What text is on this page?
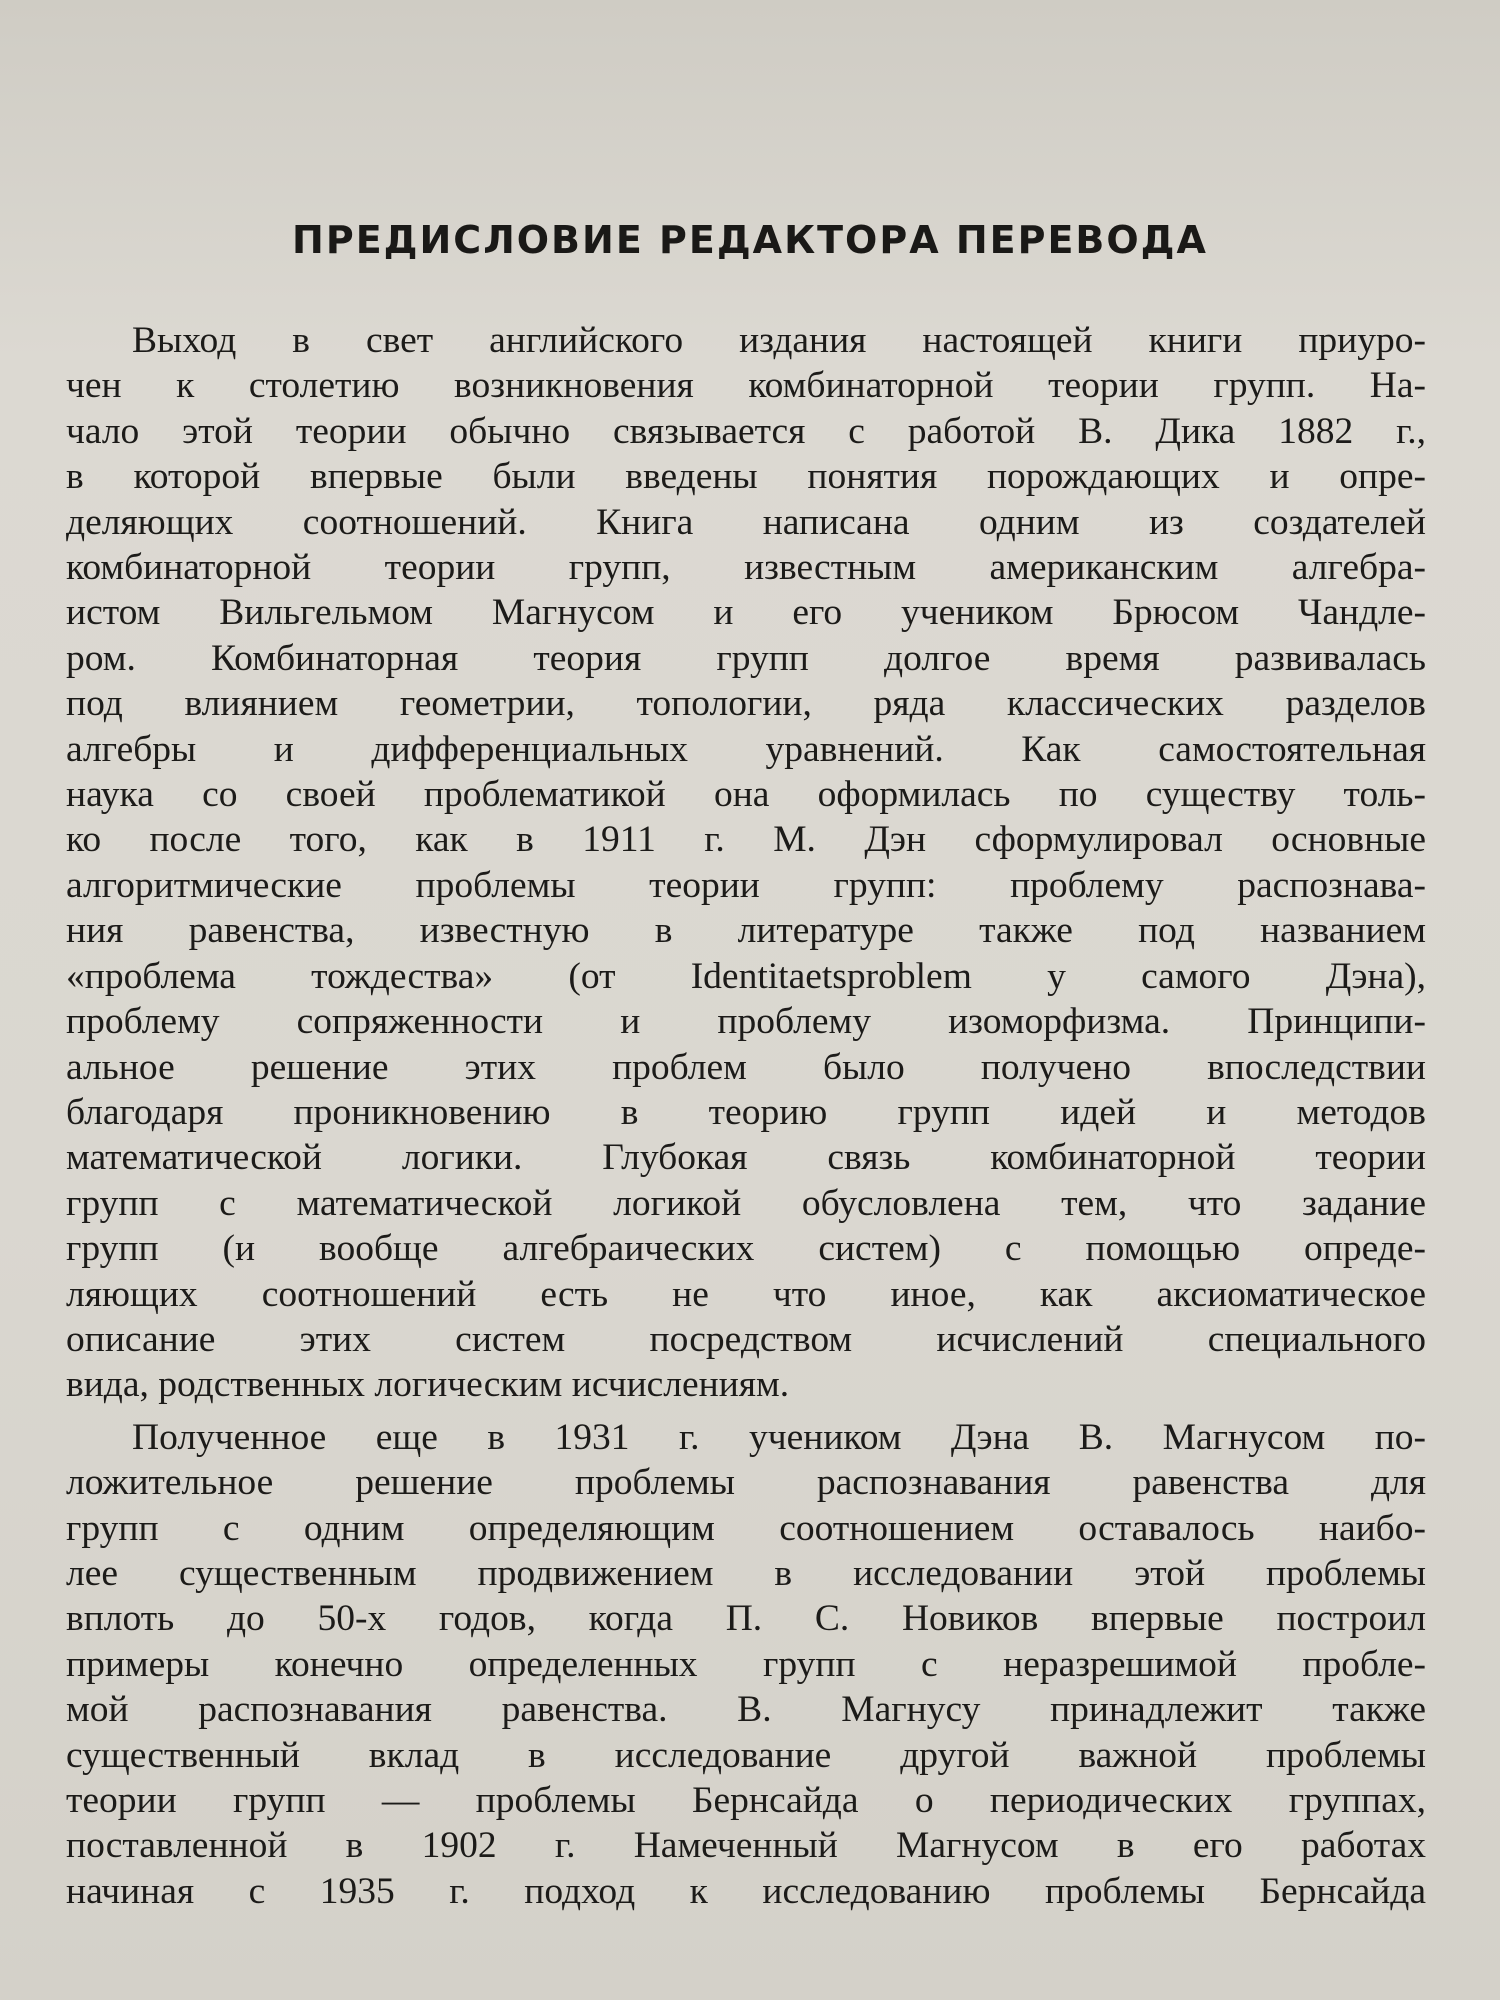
ПРЕДИСЛОВИЕ РЕДАКТОРА ПЕРЕВОДА

Выход в свет английского издания настоящей книги приуро-
чен к столетию возникновения комбинаторной теории групп. На-
чало этой теории обычно связывается с работой В. Дика 1882 г.,
в которой впервые были введены понятия порождающих и опре-
деляющих соотношений. Книга написана одним из создателей
комбинаторной теории групп, известным американским алгебра-
истом Вильгельмом Магнусом и его учеником Брюсом Чандле-
ром. Комбинаторная теория групп долгое время развивалась
под влиянием геометрии, топологии, ряда классических разделов
алгебры и дифференциальных уравнений. Как самостоятельная
наука со своей проблематикой она оформилась по существу толь-
ко после того, как в 1911 г. М. Дэн сформулировал основные
алгоритмические проблемы теории групп: проблему распознава-
ния равенства, известную в литературе также под названием
«проблема тождества» (от Identitaetsproblem у самого Дэна),
проблему сопряженности и проблему изоморфизма. Принципи-
альное решение этих проблем было получено впоследствии
благодаря проникновению в теорию групп идей и методов
математической логики. Глубокая связь комбинаторной теории
групп с математической логикой обусловлена тем, что задание
групп (и вообще алгебраических систем) с помощью опреде-
ляющих соотношений есть не что иное, как аксиоматическое
описание этих систем посредством исчислений специального
вида, родственных логическим исчислениям.

Полученное еще в 1931 г. учеником Дэна В. Магнусом по-
ложительное решение проблемы распознавания равенства для
групп с одним определяющим соотношением оставалось наибо-
лее существенным продвижением в исследовании этой проблемы
вплоть до 50-х годов, когда П. С. Новиков впервые построил
примеры конечно определенных групп с неразрешимой пробле-
мой распознавания равенства. В. Магнусу принадлежит также
существенный вклад в исследование другой важной проблемы
теории групп — проблемы Бернсайда о периодических группах,
поставленной в 1902 г. Намеченный Магнусом в его работах
начиная с 1935 г. подход к исследованию проблемы Бернсайда
